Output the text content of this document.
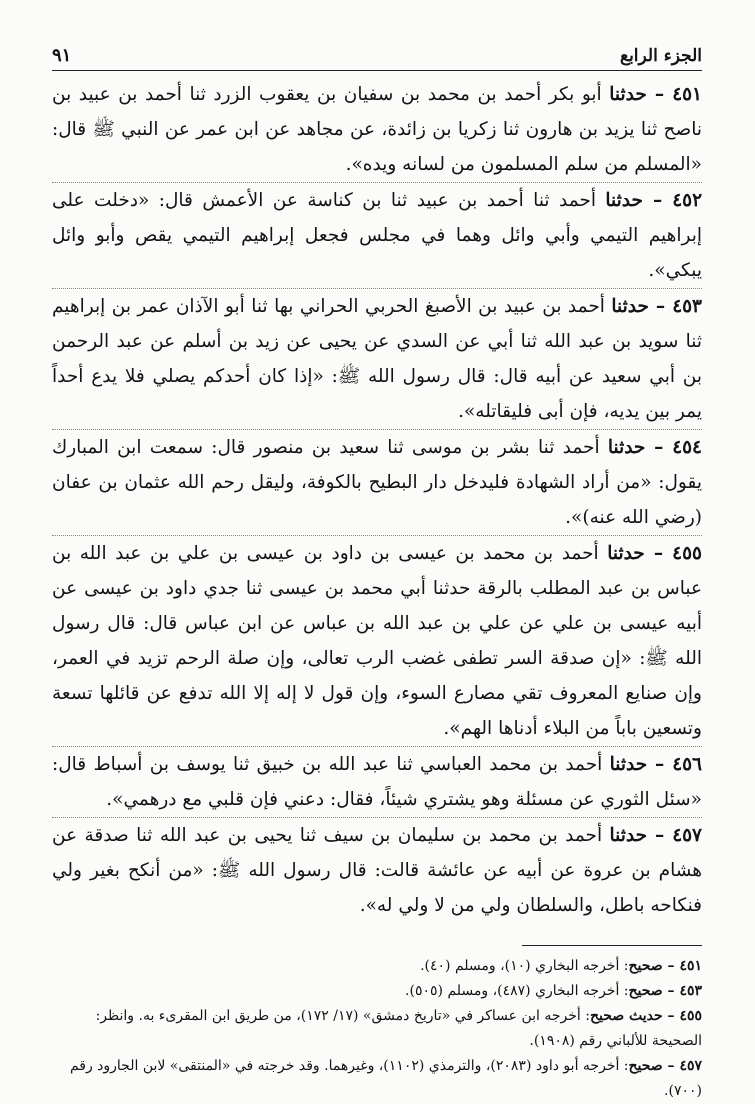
الجزء الرابع
٩١

٤٥١ – حدثنا أبو بكر أحمد بن محمد بن سفيان بن يعقوب الزرد ثنا أحمد بن عبيد بن ناصح ثنا يزيد بن هارون ثنا زكريا بن زائدة، عن مجاهد عن ابن عمر عن النبي ﷺ قال: «المسلم من سلم المسلمون من لسانه ويده».

٤٥٢ – حدثنا أحمد ثنا أحمد بن عبيد ثنا بن كناسة عن الأعمش قال: «دخلت على إبراهيم التيمي وأبي وائل وهما في مجلس فجعل إبراهيم التيمي يقص وأبو وائل يبكي».

٤٥٣ – حدثنا أحمد بن عبيد بن الأصبغ الحربي الحراني بها ثنا أبو الآذان عمر بن إبراهيم ثنا سويد بن عبد الله ثنا أبي عن السدي عن يحيى عن زيد بن أسلم عن عبد الرحمن بن أبي سعيد عن أبيه قال: قال رسول الله ﷺ: «إذا كان أحدكم يصلي فلا يدع أحداً يمر بين يديه، فإن أبى فليقاتله».

٤٥٤ – حدثنا أحمد ثنا بشر بن موسى ثنا سعيد بن منصور قال: سمعت ابن المبارك يقول: «من أراد الشهادة فليدخل دار البطيح بالكوفة، وليقل رحم الله عثمان بن عفان (رضي الله عنه)».

٤٥٥ – حدثنا أحمد بن محمد بن عيسى بن داود بن عيسى بن علي بن عبد الله بن عباس بن عبد المطلب بالرقة حدثنا أبي محمد بن عيسى ثنا جدي داود بن عيسى عن أبيه عيسى بن علي عن علي بن عبد الله بن عباس عن ابن عباس قال: قال رسول الله ﷺ: «إن صدقة السر تطفى غضب الرب تعالى، وإن صلة الرحم تزيد في العمر، وإن صنايع المعروف تقي مصارع السوء، وإن قول لا إله إلا الله تدفع عن قائلها تسعة وتسعين باباً من البلاء أدناها الهم».

٤٥٦ – حدثنا أحمد بن محمد العباسي ثنا عبد الله بن خبيق ثنا يوسف بن أسباط قال: «سئل الثوري عن مسئلة وهو يشتري شيئاً، فقال: دعني فإن قلبي مع درهمي».

٤٥٧ – حدثنا أحمد بن محمد بن سليمان بن سيف ثنا يحيى بن عبد الله ثنا صدقة عن هشام بن عروة عن أبيه عن عائشة قالت: قال رسول الله ﷺ: «من أنكح بغير ولي فنكاحه باطل، والسلطان ولي من لا ولي له».

٤٥١ – صحيح: أخرجه البخاري (١٠)، ومسلم (٤٠).

٤٥٣ – صحيح: أخرجه البخاري (٤٨٧)، ومسلم (٥٠٥).

٤٥٥ – حديث صحيح: أخرجه ابن عساكر في «تاريخ دمشق» (١٧/ ١٧٢)، من طريق ابن المقرىء به. وانظر: الصحيحة للألباني رقم (١٩٠٨).

٤٥٧ – صحيح: أخرجه أبو داود (٢٠٨٣)، والترمذي (١١٠٢)، وغيرهما. وقد خرجته في «المنتقى» لابن الجارود رقم (٧٠٠).
